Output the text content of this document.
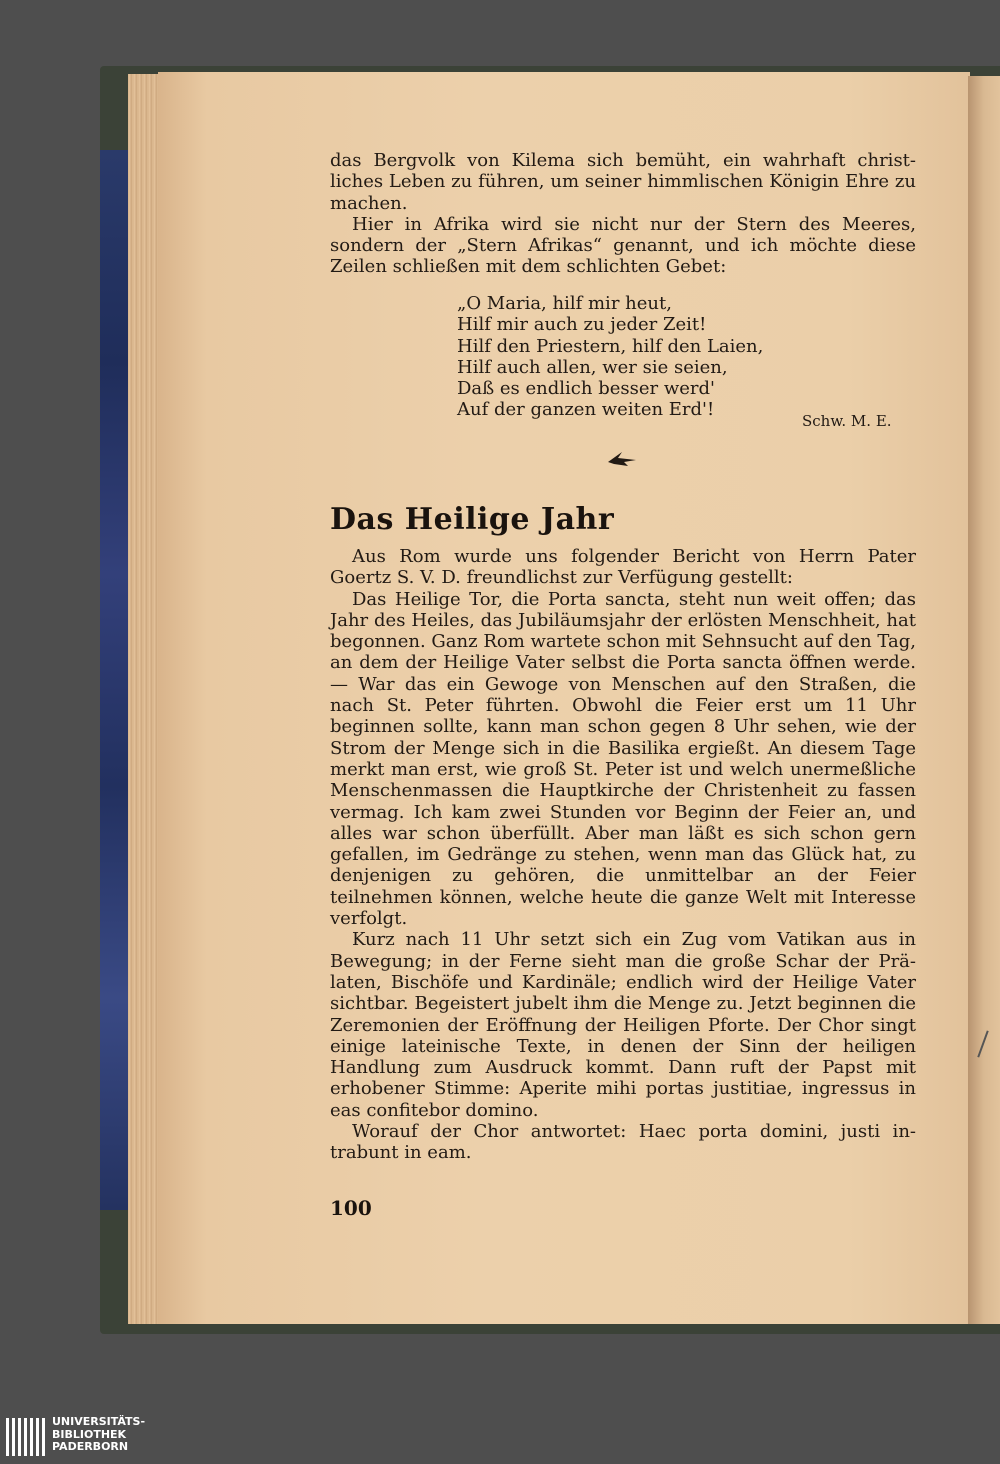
das Bergvolk von Kilema sich bemüht, ein wahrhaft christ-liches Leben zu führen, um seiner himmlischen Königin Ehre zu machen.

Hier in Afrika wird sie nicht nur der Stern des Meeres, sondern der „Stern Afrikas“ genannt, und ich möchte diese Zeilen schließen mit dem schlichten Gebet:

„O Maria, hilf mir heut,
Hilf mir auch zu jeder Zeit!
Hilf den Priestern, hilf den Laien,
Hilf auch allen, wer sie seien,
Daß es endlich besser werd'
Auf der ganzen weiten Erd'!
Schw. M. E.
Das Heilige Jahr

Aus Rom wurde uns folgender Bericht von Herrn Pater Goertz S. V. D. freundlichst zur Verfügung gestellt:

Das Heilige Tor, die Porta sancta, steht nun weit offen; das Jahr des Heiles, das Jubiläumsjahr der erlösten Menschheit, hat begonnen. Ganz Rom wartete schon mit Sehnsucht auf den Tag, an dem der Heilige Vater selbst die Porta sancta öffnen werde. — War das ein Gewoge von Menschen auf den Straßen, die nach St. Peter führten. Obwohl die Feier erst um 11 Uhr beginnen sollte, kann man schon gegen 8 Uhr sehen, wie der Strom der Menge sich in die Basilika ergießt. An diesem Tage merkt man erst, wie groß St. Peter ist und welch unermeßliche Menschenmassen die Hauptkirche der Christenheit zu fassen vermag. Ich kam zwei Stunden vor Beginn der Feier an, und alles war schon überfüllt. Aber man läßt es sich schon gern gefallen, im Gedränge zu stehen, wenn man das Glück hat, zu denjenigen zu gehören, die unmittelbar an der Feier teilnehmen können, welche heute die ganze Welt mit Interesse verfolgt.

Kurz nach 11 Uhr setzt sich ein Zug vom Vatikan aus in Bewegung; in der Ferne sieht man die große Schar der Prä-laten, Bischöfe und Kardinäle; endlich wird der Heilige Vater sichtbar. Begeistert jubelt ihm die Menge zu. Jetzt beginnen die Zeremonien der Eröffnung der Heiligen Pforte. Der Chor singt einige lateinische Texte, in denen der Sinn der heiligen Handlung zum Ausdruck kommt. Dann ruft der Papst mit erhobener Stimme: Aperite mihi portas justitiae, ingressus in eas confitebor domino.

Worauf der Chor antwortet: Haec porta domini, justi in-trabunt in eam.

100
UNIVERSITÄTS-
BIBLIOTHEK
PADERBORN
